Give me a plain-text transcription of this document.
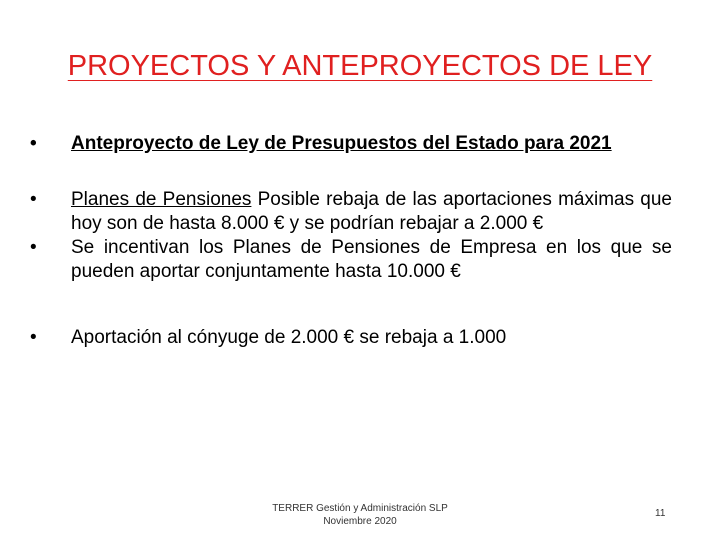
PROYECTOS Y ANTEPROYECTOS DE LEY
• Anteproyecto de Ley de Presupuestos del Estado para 2021
• Planes de Pensiones Posible rebaja de las aportaciones máximas que hoy son de hasta 8.000 € y se podrían rebajar a 2.000 €
• Se incentivan los Planes de Pensiones de Empresa en los que se pueden aportar conjuntamente hasta 10.000 €
• Aportación al cónyuge de 2.000 € se rebaja a 1.000
TERRER Gestión y Administración SLP
Noviembre 2020
11
